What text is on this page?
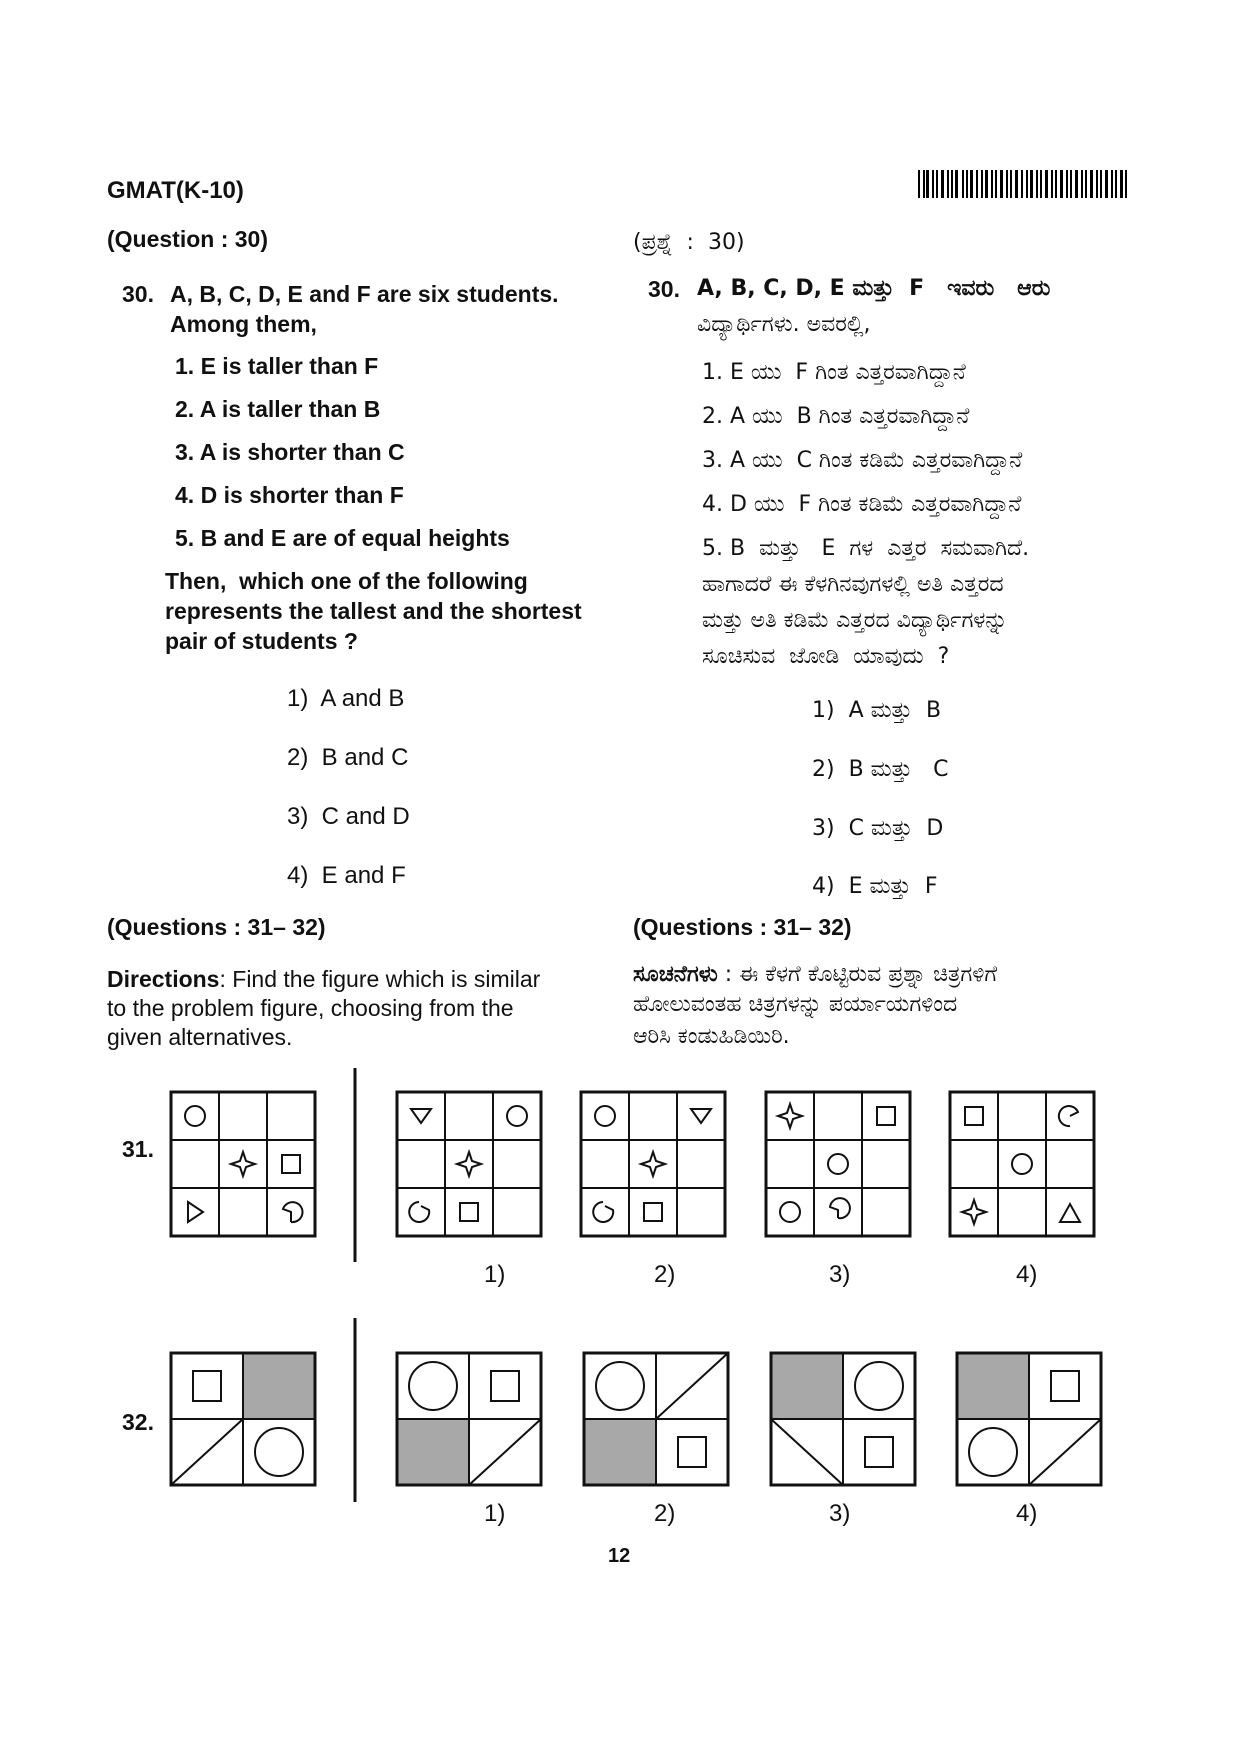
GMAT(K-10)
(Question : 30)
30. A, B, C, D, E and F are six students.
Among them,
1. E is taller than F
2. A is taller than B
3. A is shorter than C
4. D is shorter than F
5. B and E are of equal heights
Then,  which one of the following
represents the tallest and the shortest
pair of students ?
1)  A and B
2)  B and C
3)  C and D
4)  E and F
(ಪ್ರಶ್ನೆ  :  30)
30. A, B, C, D, E ಮತ್ತು  F   ಇವರು   ಆರು
ವಿದ್ಯಾರ್ಥಿಗಳು. ಅವರಲ್ಲಿ,
1. E ಯು  F ಗಿಂತ ಎತ್ತರವಾಗಿದ್ದಾನೆ
2. A ಯು  B ಗಿಂತ ಎತ್ತರವಾಗಿದ್ದಾನೆ
3. A ಯು  C ಗಿಂತ ಕಡಿಮೆ ಎತ್ತರವಾಗಿದ್ದಾನೆ
4. D ಯು  F ಗಿಂತ ಕಡಿಮೆ ಎತ್ತರವಾಗಿದ್ದಾನೆ
5. B  ಮತ್ತು   E  ಗಳ  ಎತ್ತರ  ಸಮವಾಗಿದೆ.
ಹಾಗಾದರೆ ಈ ಕೆಳಗಿನವುಗಳಲ್ಲಿ ಅತಿ ಎತ್ತರದ
ಮತ್ತು ಅತಿ ಕಡಿಮೆ ಎತ್ತರದ ವಿದ್ಯಾರ್ಥಿಗಳನ್ನು
ಸೂಚಿಸುವ  ಜೋಡಿ  ಯಾವುದು  ?
1)  A ಮತ್ತು  B
2)  B ಮತ್ತು   C
3)  C ಮತ್ತು  D
4)  E ಮತ್ತು  F
(Questions : 31– 32)
Directions: Find the figure which is similar
to the problem figure, choosing from the
given alternatives.
(Questions : 31– 32)
ಸೂಚನೆಗಳು : ಈ ಕೆಳಗೆ ಕೊಟ್ಟಿರುವ ಪ್ರಶ್ನಾ ಚಿತ್ರಗಳಿಗೆ
ಹೋಲುವಂತಹ ಚಿತ್ರಗಳನ್ನು ಪರ್ಯಾಯಗಳಿಂದ
ಆರಿಸಿ ಕಂಡುಹಿಡಿಯಿರಿ.
31.
1)	2)	3)	4)
32.
1)	2)	3)	4)
12
